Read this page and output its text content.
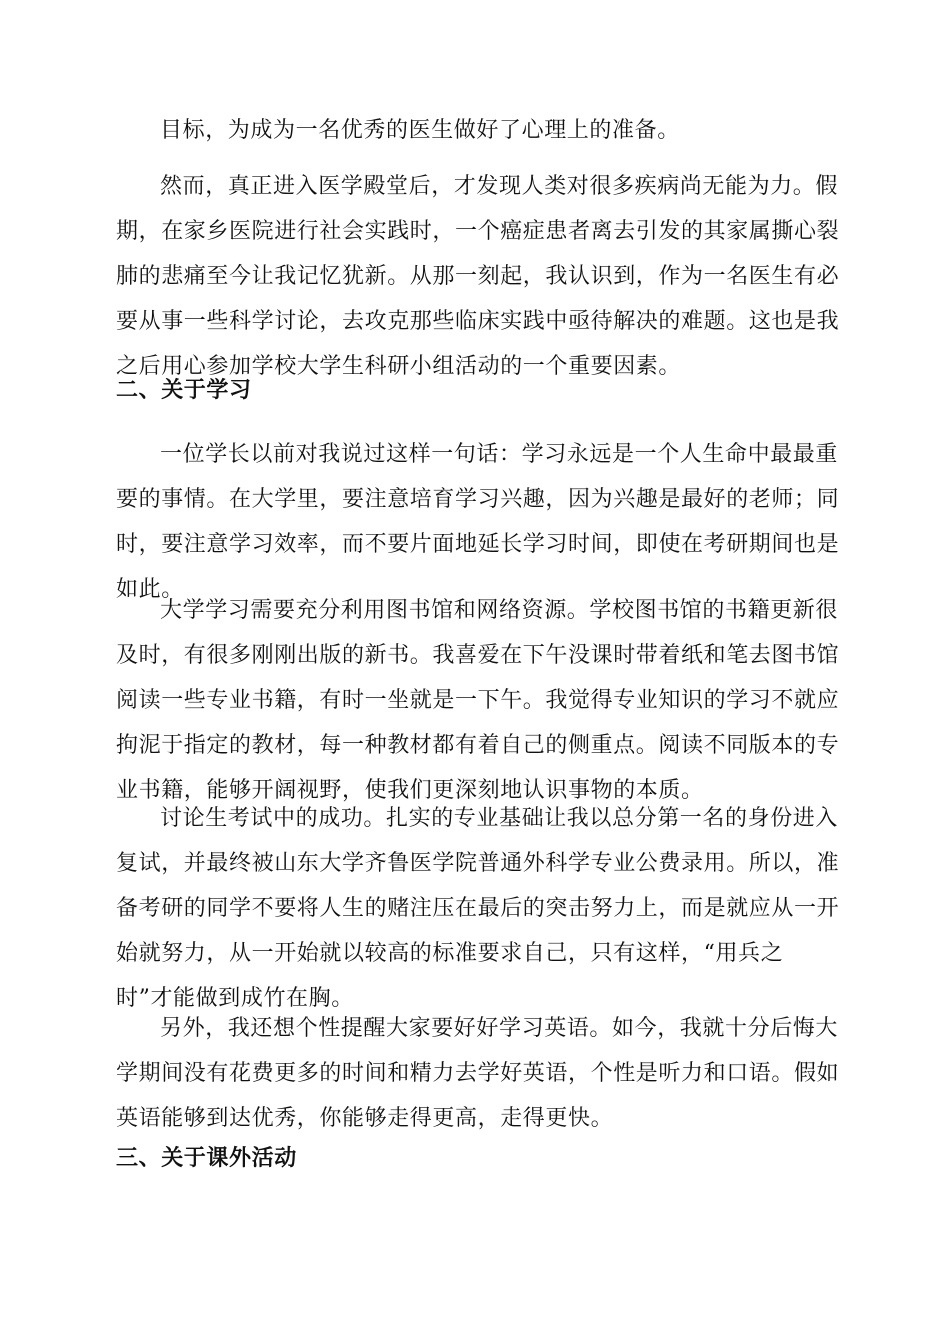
目标，为成为一名优秀的医生做好了心理上的准备。

然而，真正进入医学殿堂后，才发现人类对很多疾病尚无能为力。假
期，在家乡医院进行社会实践时，一个癌症患者离去引发的其家属撕心裂
肺的悲痛至今让我记忆犹新。从那一刻起，我认识到，作为一名医生有必
要从事一些科学讨论，去攻克那些临床实践中亟待解决的难题。这也是我
之后用心参加学校大学生科研小组活动的一个重要因素。

二、关于学习

一位学长以前对我说过这样一句话：学习永远是一个人生命中最最重
要的事情。在大学里，要注意培育学习兴趣，因为兴趣是最好的老师；同
时，要注意学习效率，而不要片面地延长学习时间，即使在考研期间也是
如此。

大学学习需要充分利用图书馆和网络资源。学校图书馆的书籍更新很
及时，有很多刚刚出版的新书。我喜爱在下午没课时带着纸和笔去图书馆
阅读一些专业书籍，有时一坐就是一下午。我觉得专业知识的学习不就应
拘泥于指定的教材，每一种教材都有着自己的侧重点。阅读不同版本的专
业书籍，能够开阔视野，使我们更深刻地认识事物的本质。

讨论生考试中的成功。扎实的专业基础让我以总分第一名的身份进入
复试，并最终被山东大学齐鲁医学院普通外科学专业公费录用。所以，准
备考研的同学不要将人生的赌注压在最后的突击努力上，而是就应从一开
始就努力，从一开始就以较高的标准要求自己，只有这样，“用兵之
时”才能做到成竹在胸。

另外，我还想个性提醒大家要好好学习英语。如今，我就十分后悔大
学期间没有花费更多的时间和精力去学好英语，个性是听力和口语。假如
英语能够到达优秀，你能够走得更高，走得更快。

三、关于课外活动
